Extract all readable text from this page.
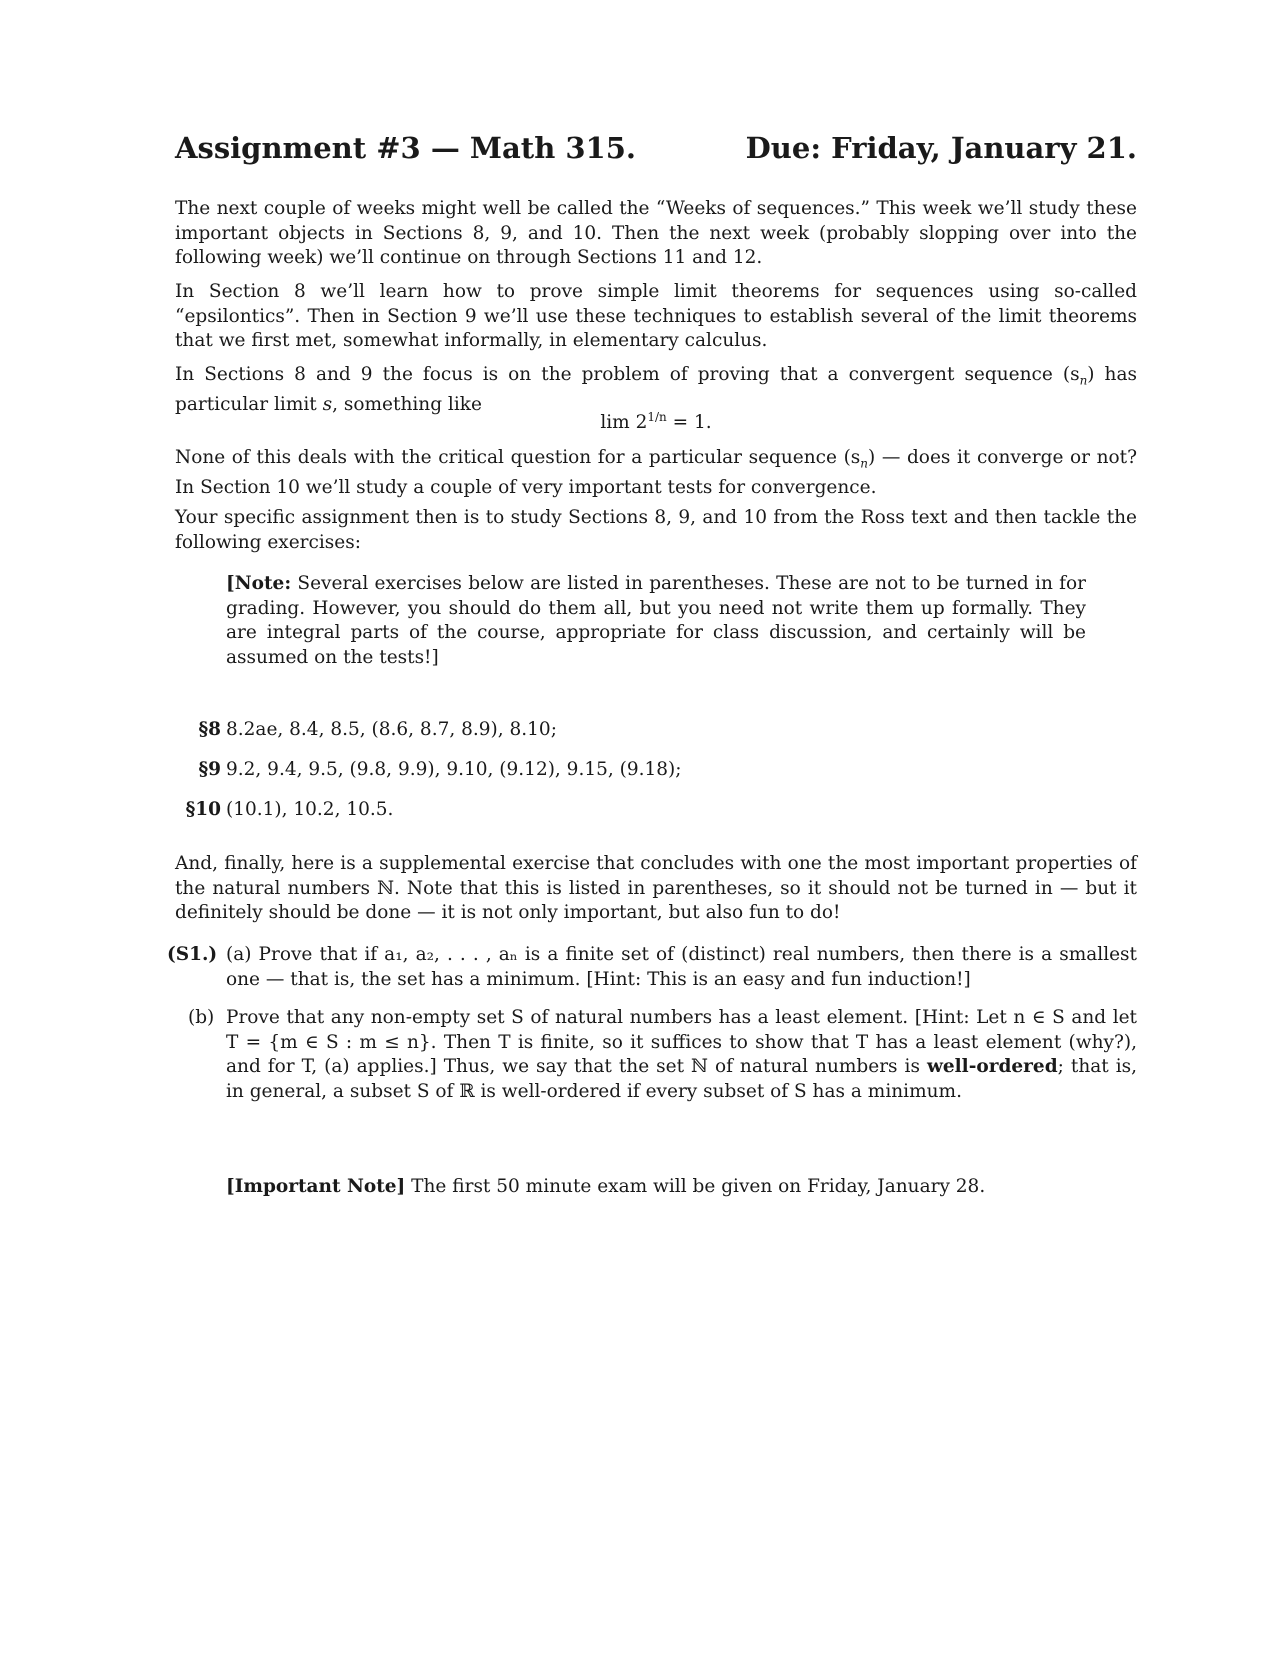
Assignment #3 — Math 315.	Due: Friday, January 21.

The next couple of weeks might well be called the “Weeks of sequences.” This week we’ll study these important objects in Sections 8, 9, and 10. Then the next week (probably slopping over into the following week) we’ll continue on through Sections 11 and 12.

In Section 8 we’ll learn how to prove simple limit theorems for sequences using so-called “epsilontics”. Then in Section 9 we’ll use these techniques to establish several of the limit theorems that we first met, somewhat informally, in elementary calculus.

In Sections 8 and 9 the focus is on the problem of proving that a convergent sequence $(s_n)$ has particular limit s, something like

$\lim 2^{1/n} = 1$.

None of this deals with the critical question for a particular sequence $(s_n)$ — does it converge or not? In Section 10 we’ll study a couple of very important tests for convergence.

Your specific assignment then is to study Sections 8, 9, and 10 from the Ross text and then tackle the following exercises:

[Note: Several exercises below are listed in parentheses. These are not to be turned in for grading. However, you should do them all, but you need not write them up formally. They are integral parts of the course, appropriate for class discussion, and certainly will be assumed on the tests!]

§8 8.2ae, 8.4, 8.5, (8.6, 8.7, 8.9), 8.10;
§9 9.2, 9.4, 9.5, (9.8, 9.9), 9.10, (9.12), 9.15, (9.18);
§10 (10.1), 10.2, 10.5.

And, finally, here is a supplemental exercise that concludes with one the most important properties of the natural numbers ℕ. Note that this is listed in parentheses, so it should not be turned in — but it definitely should be done — it is not only important, but also fun to do!

(S1.) (a) Prove that if a₁, a₂, . . . , aₙ is a finite set of (distinct) real numbers, then there is a smallest one — that is, the set has a minimum. [Hint: This is an easy and fun induction!]
(b) Prove that any non-empty set S of natural numbers has a least element. [Hint: Let n ∈ S and let T = {m ∈ S : m ≤ n}. Then T is finite, so it suffices to show that T has a least element (why?), and for T, (a) applies.] Thus, we say that the set ℕ of natural numbers is well-ordered; that is, in general, a subset S of ℝ is well-ordered if every subset of S has a minimum.

[Important Note] The first 50 minute exam will be given on Friday, January 28.
